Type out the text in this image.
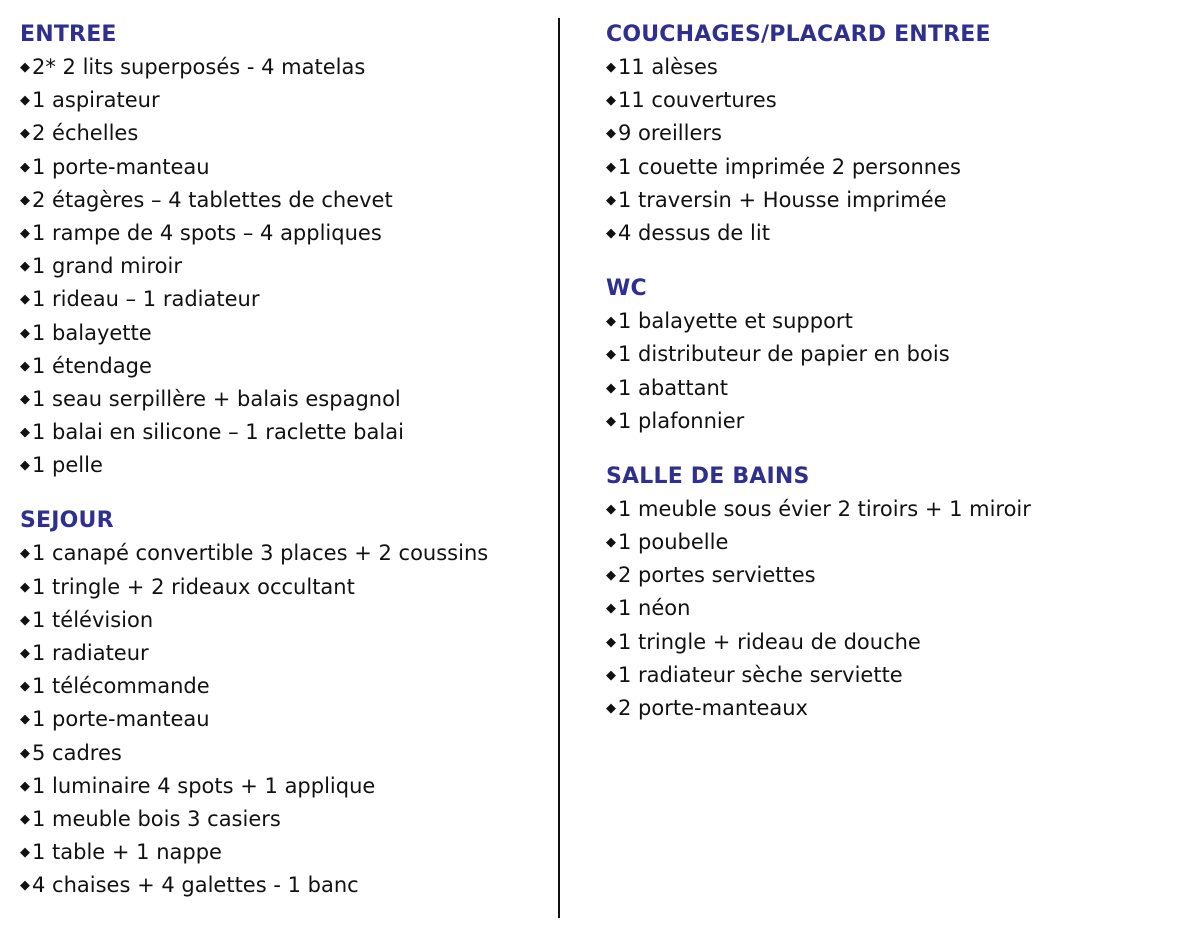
ENTREE
◆2* 2 lits superposés - 4 matelas
◆1 aspirateur
◆2 échelles
◆1 porte-manteau
◆2 étagères – 4 tablettes de chevet
◆1 rampe de 4 spots – 4 appliques
◆1 grand miroir
◆1 rideau – 1 radiateur
◆1 balayette
◆1 étendage
◆1 seau serpillère + balais espagnol
◆1 balai en silicone – 1 raclette balai
◆1 pelle
SEJOUR
◆1 canapé convertible 3 places + 2 coussins
◆1 tringle + 2 rideaux occultant
◆1 télévision
◆1 radiateur
◆1 télécommande
◆1 porte-manteau
◆5 cadres
◆1 luminaire 4 spots + 1 applique
◆1 meuble bois 3 casiers
◆1 table + 1 nappe
◆4 chaises + 4 galettes - 1 banc
COUCHAGES/PLACARD ENTREE
◆11 alèses
◆11 couvertures
◆9 oreillers
◆1 couette imprimée 2 personnes
◆1 traversin + Housse imprimée
◆4 dessus de lit
WC
◆1 balayette et support
◆1 distributeur de papier en bois
◆1 abattant
◆1 plafonnier
SALLE DE BAINS
◆1 meuble sous évier 2 tiroirs + 1 miroir
◆1 poubelle
◆2 portes serviettes
◆1 néon
◆1 tringle + rideau de douche
◆1 radiateur sèche serviette
◆2 porte-manteaux
